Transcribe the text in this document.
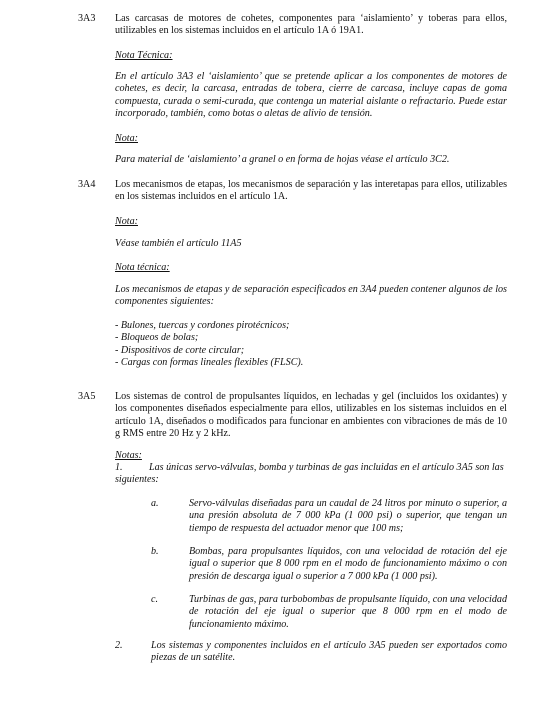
3A3	Las carcasas de motores de cohetes, componentes para ‘aislamiento’ y toberas para ellos, utilizables en los sistemas incluidos en el artículo 1A ó 19A1.
Nota Técnica:
En el artículo 3A3 el ‘aislamiento’ que se pretende aplicar a los componentes de motores de cohetes, es decir, la carcasa, entradas de tobera, cierre de carcasa, incluye capas de goma compuesta, curada o semi-curada, que contenga un material aislante o refractario. Puede estar incorporado, también, como botas o aletas de alivio de tensión.
Nota:
Para material de ‘aislamiento’ a granel o en forma de hojas véase el artículo 3C2.
3A4	Los mecanismos de etapas, los mecanismos de separación y las interetapas para ellos, utilizables en los sistemas incluidos en el artículo 1A.
Nota:
Véase también el artículo 11A5
Nota técnica:
Los mecanismos de etapas y de separación especificados en 3A4 pueden contener algunos de los componentes siguientes:
- Bulones, tuercas y cordones pirotécnicos;
- Bloqueos de bolas;
- Dispositivos de corte circular;
- Cargas con formas lineales flexibles (FLSC).
3A5	Los sistemas de control de propulsantes líquidos, en lechadas y gel (incluidos los oxidantes) y los componentes diseñados especialmente para ellos, utilizables en los sistemas incluidos en el artículo 1A, diseñados o modificados para funcionar en ambientes con vibraciones de más de 10 g RMS entre 20 Hz y 2 kHz.
Notas:
1.	Las únicas servo-válvulas, bomba y turbinas de gas incluidas en el artículo 3A5 son las siguientes:
a.	Servo-válvulas diseñadas para un caudal de 24 litros por minuto o superior, a una presión absoluta de 7 000 kPa (1 000 psi) o superior, que tengan un tiempo de respuesta del actuador menor que 100 ms;
b.	Bombas, para propulsantes líquidos, con una velocidad de rotación del eje igual o superior que 8 000 rpm en el modo de funcionamiento máximo o con presión de descarga igual o superior a 7 000 kPa (1 000 psi).
c.	Turbinas de gas, para turbobombas de propulsante líquido, con una velocidad de rotación del eje igual o superior que 8 000 rpm en el modo de funcionamiento máximo.
2.	Los sistemas y componentes incluidos en el artículo 3A5 pueden ser exportados como piezas de un satélite.
